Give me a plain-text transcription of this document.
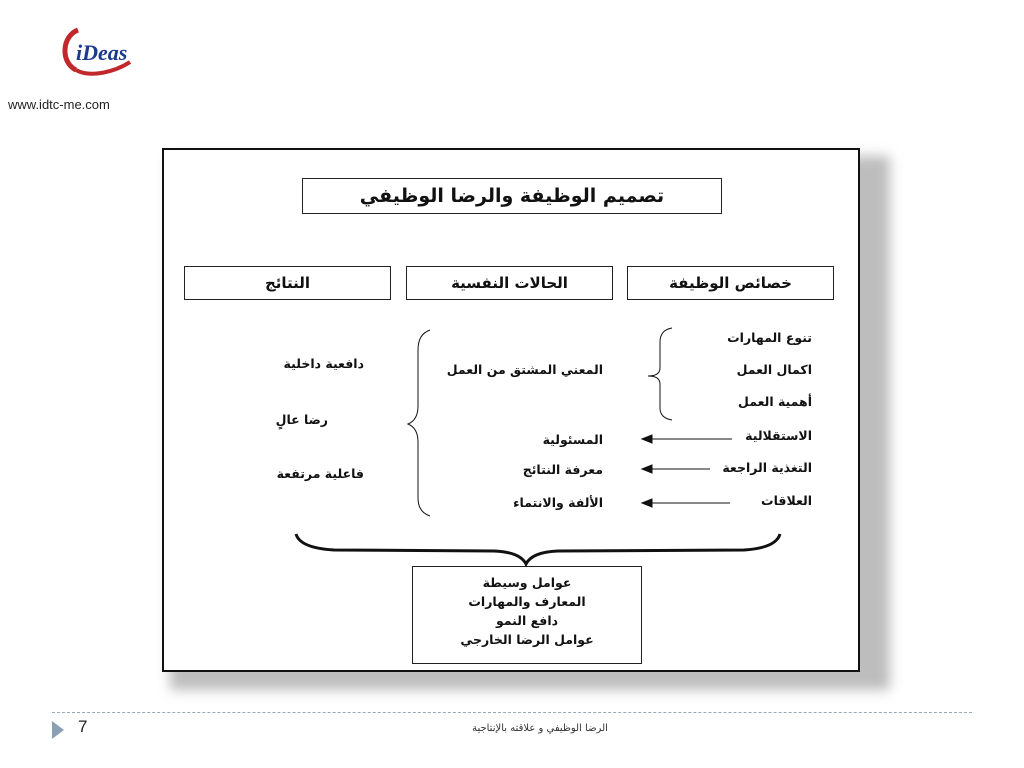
iDeas
www.idtc-me.com
تصميم الوظيفة والرضا الوظيفي
النتائج	الحالات النفسية	خصائص الوظيفة
تنوع المهارات
اكمال العمل
أهمية العمل
الاستقلالية
التغذية الراجعة
العلاقات
المعني المشتق من العمل
المسئولية
معرفة النتائج
الألفة والانتماء
دافعية داخلية
رضا عالٍ
فاعلية مرتفعة
عوامل وسيطة
المعارف والمهارات
دافع النمو
عوامل الرضا الخارجي
7	الرضا الوظيفي و علاقته بالإنتاجية
